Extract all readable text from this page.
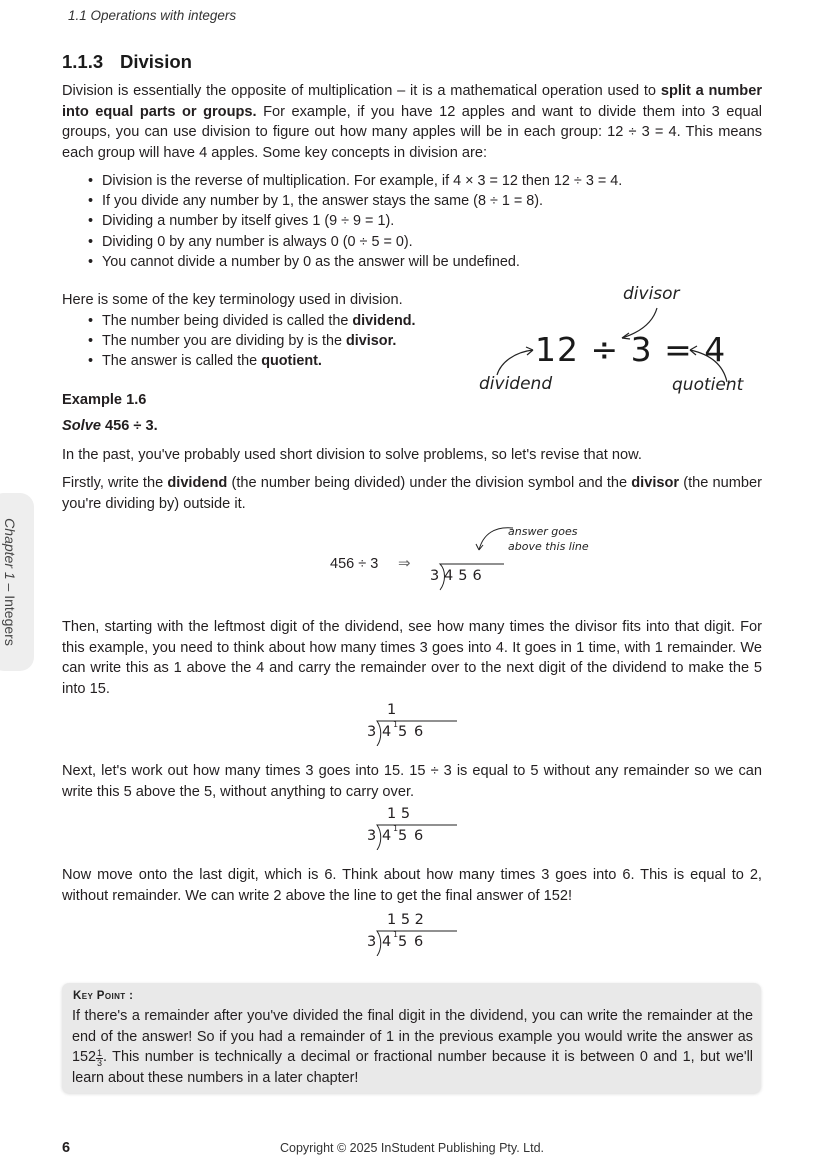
1.1 Operations with integers
1.1.3 Division
Division is essentially the opposite of multiplication – it is a mathematical operation used to split a number into equal parts or groups. For example, if you have 12 apples and want to divide them into 3 equal groups, you can use division to figure out how many apples will be in each group: 12 ÷ 3 = 4. This means each group will have 4 apples. Some key concepts in division are:
• Division is the reverse of multiplication. For example, if 4 × 3 = 12 then 12 ÷ 3 = 4.
• If you divide any number by 1, the answer stays the same (8 ÷ 1 = 8).
• Dividing a number by itself gives 1 (9 ÷ 9 = 1).
• Dividing 0 by any number is always 0 (0 ÷ 5 = 0).
• You cannot divide a number by 0 as the answer will be undefined.
Here is some of the key terminology used in division.
• The number being divided is called the dividend.
• The number you are dividing by is the divisor.
• The answer is called the quotient.
divisor
12 ÷ 3 = 4
dividend	quotient
Example 1.6
Solve 456 ÷ 3.
In the past, you've probably used short division to solve problems, so let's revise that now.
Firstly, write the dividend (the number being divided) under the division symbol and the divisor (the number you're dividing by) outside it.
456 ÷ 3 ⇒
3 456
answer goes
above this line
Then, starting with the leftmost digit of the dividend, see how many times the divisor fits into that digit. For this example, you need to think about how many times 3 goes into 4. It goes in 1 time, with 1 remainder. We can write this as 1 above the 4 and carry the remainder over to the next digit of the dividend to make the 5 into 15.
1
3 4 1 5 6
Next, let's work out how many times 3 goes into 15. 15 ÷ 3 is equal to 5 without any remainder so we can write this 5 above the 5, without anything to carry over.
1 5
3 4 1 5 6
Now move onto the last digit, which is 6. Think about how many times 3 goes into 6. This is equal to 2, without remainder. We can write 2 above the line to get the final answer of 152!
1 5 2
3 4 1 5 6
Key Point :
If there's a remainder after you've divided the final digit in the dividend, you can write the remainder at the end of the answer! So if you had a remainder of 1 in the previous example you would write the answer as $152 \frac{1}{3}$ . This number is technically a decimal or fractional number because it is between 0 and 1, but we'll learn about these numbers in a later chapter!
Chapter 1 – Integers
6	Copyright © 2025 InStudent Publishing Pty. Ltd.
